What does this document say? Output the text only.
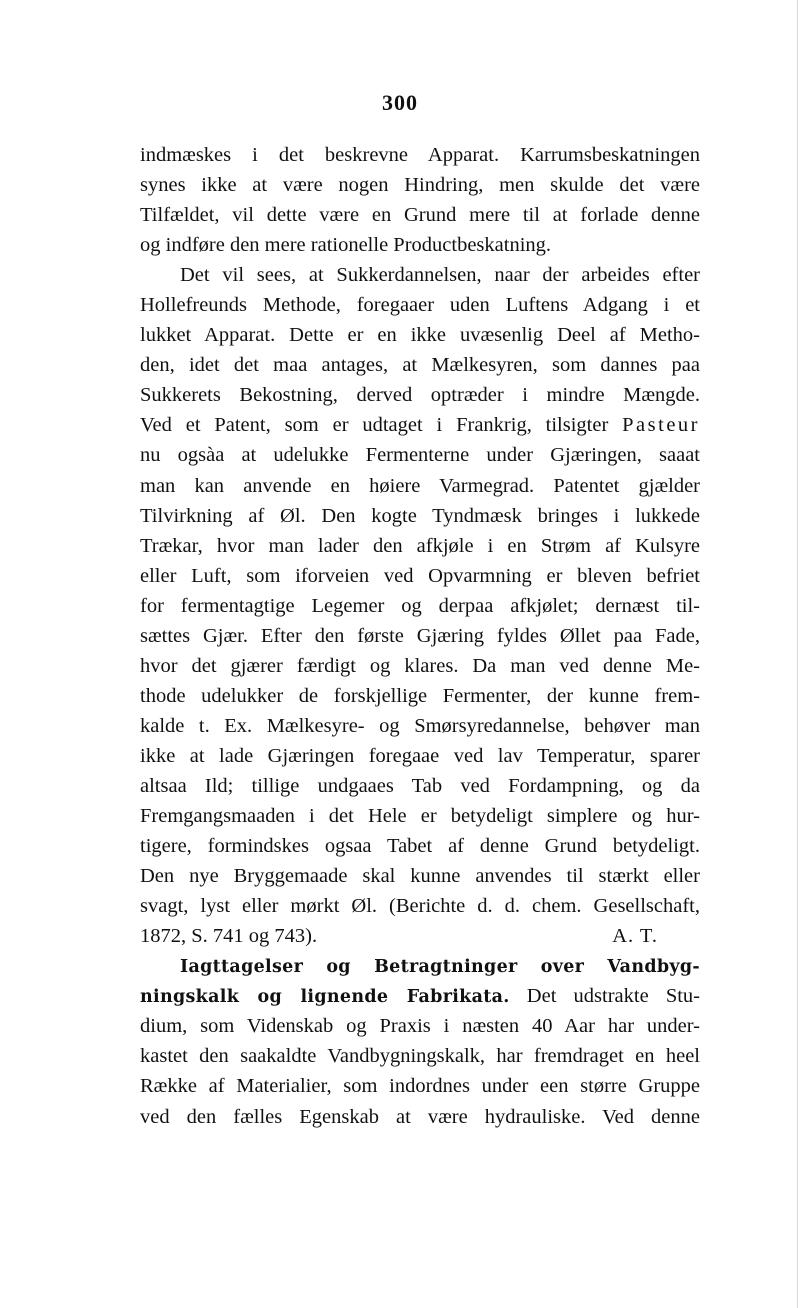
300
indmæskes i det beskrevne Apparat. Karrumsbeskatningen
synes ikke at være nogen Hindring, men skulde det være
Tilfældet, vil dette være en Grund mere til at forlade denne
og indføre den mere rationelle Productbeskatning.
Det vil sees, at Sukkerdannelsen, naar der arbeides efter
Hollefreunds Methode, foregaaer uden Luftens Adgang i et
lukket Apparat. Dette er en ikke uvæsenlig Deel af Metho-
den, idet det maa antages, at Mælkesyren, som dannes paa
Sukkerets Bekostning, derved optræder i mindre Mængde.
Ved et Patent, som er udtaget i Frankrig, tilsigter Pasteur
nu ogsàa at udelukke Fermenterne under Gjæringen, saaat
man kan anvende en høiere Varmegrad. Patentet gjælder
Tilvirkning af Øl. Den kogte Tyndmæsk bringes i lukkede
Trækar, hvor man lader den afkjøle i en Strøm af Kulsyre
eller Luft, som iforveien ved Opvarmning er bleven befriet
for fermentagtige Legemer og derpaa afkjølet; dernæst til-
sættes Gjær. Efter den første Gjæring fyldes Øllet paa Fade,
hvor det gjærer færdigt og klares. Da man ved denne Me-
thode udelukker de forskjellige Fermenter, der kunne frem-
kalde t. Ex. Mælkesyre- og Smørsyredannelse, behøver man
ikke at lade Gjæringen foregaae ved lav Temperatur, sparer
altsaa Ild; tillige undgaaes Tab ved Fordampning, og da
Fremgangsmaaden i det Hele er betydeligt simplere og hur-
tigere, formindskes ogsaa Tabet af denne Grund betydeligt.
Den nye Bryggemaade skal kunne anvendes til stærkt eller
svagt, lyst eller mørkt Øl. (Berichte d. d. chem. Gesellschaft,
1872, S. 741 og 743).	A. T.
Iagttagelser og Betragtninger over Vandbyg-
ningskalk og lignende Fabrikata. Det udstrakte Stu-
dium, som Videnskab og Praxis i næsten 40 Aar har under-
kastet den saakaldte Vandbygningskalk, har fremdraget en heel
Række af Materialier, som indordnes under een større Gruppe
ved den fælles Egenskab at være hydrauliske. Ved denne
